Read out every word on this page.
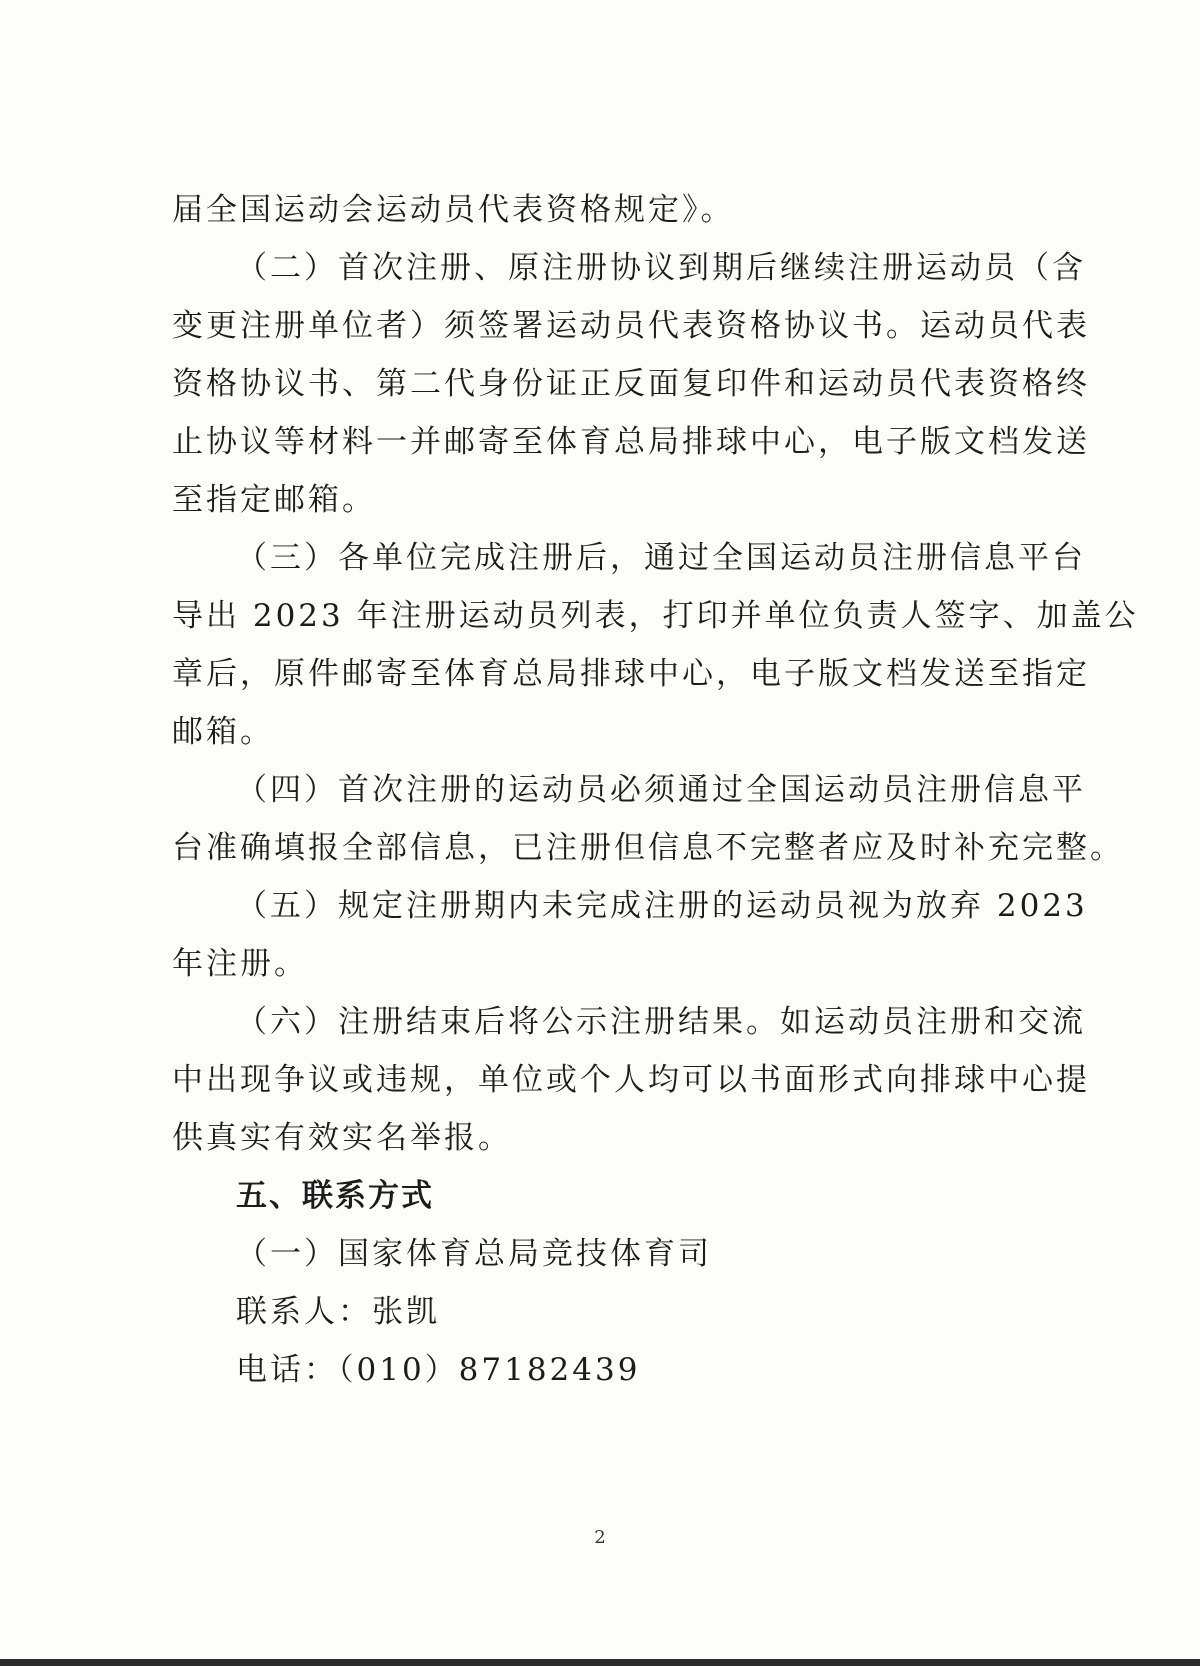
届全国运动会运动员代表资格规定》。
（二）首次注册、原注册协议到期后继续注册运动员（含
变更注册单位者）须签署运动员代表资格协议书。运动员代表
资格协议书、第二代身份证正反面复印件和运动员代表资格终
止协议等材料一并邮寄至体育总局排球中心，电子版文档发送
至指定邮箱。
（三）各单位完成注册后，通过全国运动员注册信息平台
导出 2023 年注册运动员列表，打印并单位负责人签字、加盖公
章后，原件邮寄至体育总局排球中心，电子版文档发送至指定
邮箱。
（四）首次注册的运动员必须通过全国运动员注册信息平
台准确填报全部信息，已注册但信息不完整者应及时补充完整。
（五）规定注册期内未完成注册的运动员视为放弃 2023
年注册。
（六）注册结束后将公示注册结果。如运动员注册和交流
中出现争议或违规，单位或个人均可以书面形式向排球中心提
供真实有效实名举报。
五、联系方式
（一）国家体育总局竞技体育司
联系人：张凯
电话：（010）87182439
2
